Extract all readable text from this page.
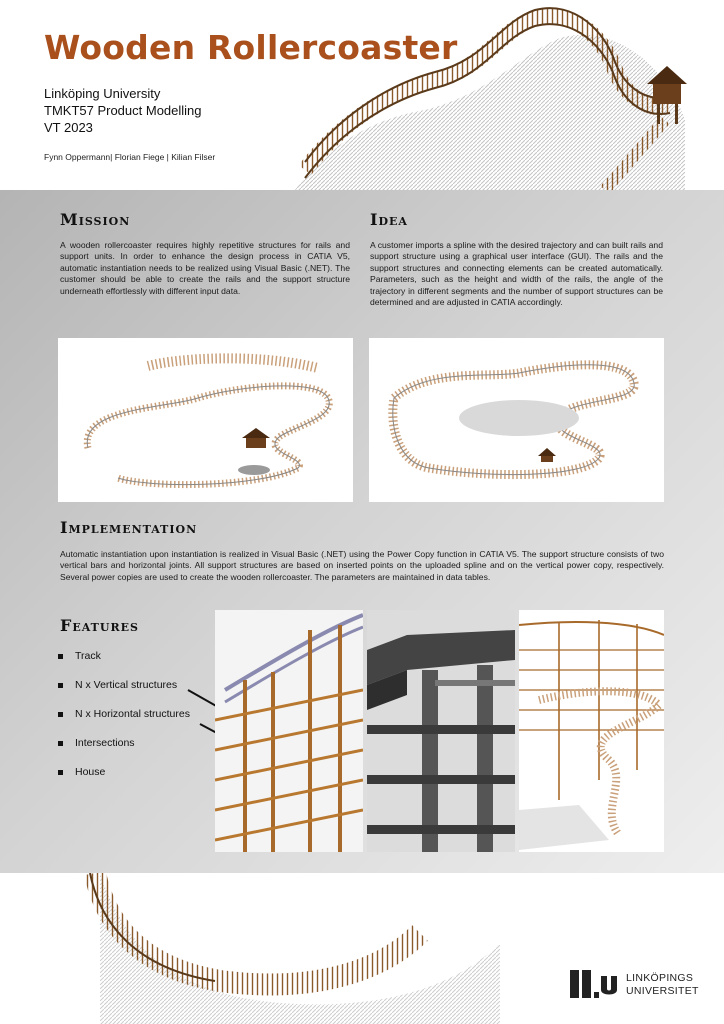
Wooden Rollercoaster
Linköping University
TMKT57 Product Modelling
VT 2023
Fynn Oppermann| Florian Fiege | Kilian Filser
Mission

A wooden rollercoaster requires highly repetitive structures for rails and support units. In order to enhance the design process in CATIA V5, automatic instantiation needs to be realized using Visual Basic (.NET). The customer should be able to create the rails and the support structure underneath effortlessly with different input data.

Idea

A customer imports a spline with the desired trajectory and can built rails and support structure using a graphical user interface (GUI). The rails and the support structures and connecting elements can be created automatically. Parameters, such as the height and width of the rails, the angle of the trajectory in different segments and the number of support structures can be determined and are adjusted in CATIA accordingly.

Implementation

Automatic instantiation upon instantiation is realized in Visual Basic (.NET) using the Power Copy function in CATIA V5. The support structure consists of two vertical bars and horizontal joints. All support structures are based on inserted points on the uploaded spline and on the vertical power copy, respectively. Several power copies are used to create the wooden rollercoaster. The parameters are maintained in data tables.

Features
Track
N x Vertical structures
N x Horizontal structures
Intersections
House
LINKÖPINGS
UNIVERSITET
